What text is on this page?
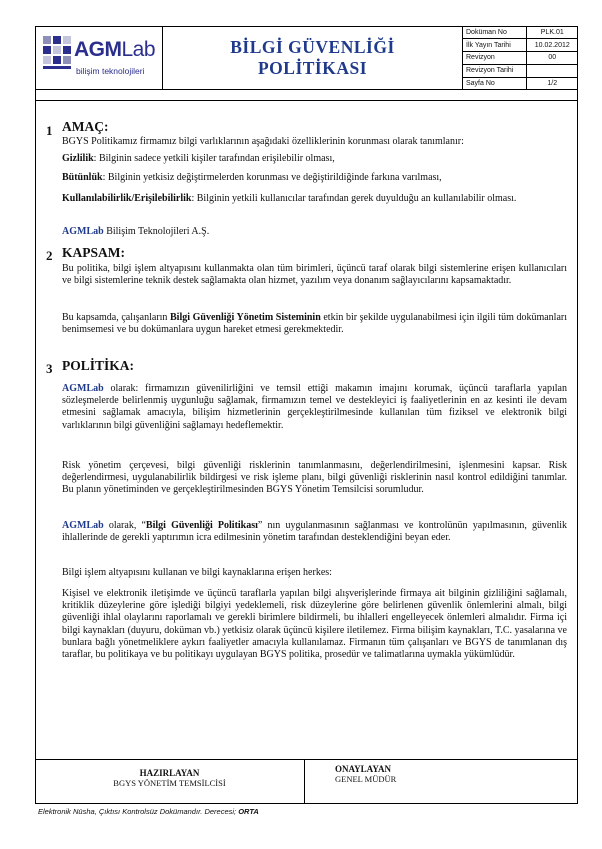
AGMLab
bilişim teknolojileri
BİLGİ GÜVENLİĞİ
POLİTİKASI
Doküman No	PLK.01
İlk Yayın Tarihi	10.02.2012
Revizyon	00
Revizyon Tarihi	
Sayfa No	1/2
1 AMAÇ:
BGYS Politikamız firmamız bilgi varlıklarının aşağıdaki özelliklerinin korunması olarak tanımlanır:
Gizlilik: Bilginin sadece yetkili kişiler tarafından erişilebilir olması,
Bütünlük: Bilginin yetkisiz değiştirmelerden korunması ve değiştirildiğinde farkına varılması,
Kullanılabilirlik/Erişilebilirlik: Bilginin yetkili kullanıcılar tarafından gerek duyulduğu an kullanılabilir olması.
AGMLab Bilişim Teknolojileri A.Ş.
2 KAPSAM:
Bu politika, bilgi işlem altyapısını kullanmakta olan tüm birimleri, üçüncü taraf olarak bilgi sistemlerine erişen kullanıcıları ve bilgi sistemlerine teknik destek sağlamakta olan hizmet, yazılım veya donanım sağlayıcılarını kapsamaktadır.
Bu kapsamda, çalışanların Bilgi Güvenliği Yönetim Sisteminin etkin bir şekilde uygulanabilmesi için ilgili tüm dokümanları benimsemesi ve bu dokümanlara uygun hareket etmesi gerekmektedir.
3 POLİTİKA:
AGMLab olarak: firmamızın güvenilirliğini ve temsil ettiği makamın imajını korumak, üçüncü taraflarla yapılan sözleşmelerde belirlenmiş uygunluğu sağlamak, firmamızın temel ve destekleyici iş faaliyetlerinin en az kesinti ile devam etmesini sağlamak amacıyla, bilişim hizmetlerinin gerçekleştirilmesinde kullanılan tüm fiziksel ve elektronik bilgi varlıklarının bilgi güvenliğini sağlamayı hedeflemektir.
Risk yönetim çerçevesi, bilgi güvenliği risklerinin tanımlanmasını, değerlendirilmesini, işlenmesini kapsar. Risk değerlendirmesi, uygulanabilirlik bildirgesi ve risk işleme planı, bilgi güvenliği risklerinin nasıl kontrol edildiğini tanımlar. Bu planın yönetiminden ve gerçekleştirilmesinden BGYS Yönetim Temsilcisi sorumludur.
AGMLab olarak, “Bilgi Güvenliği Politikası” nın uygulanmasının sağlanması ve kontrolünün yapılmasının, güvenlik ihlallerinde de gerekli yaptırımın icra edilmesinin yönetim tarafından desteklendiğini beyan eder.
Bilgi işlem altyapısını kullanan ve bilgi kaynaklarına erişen herkes:
Kişisel ve elektronik iletişimde ve üçüncü taraflarla yapılan bilgi alışverişlerinde firmaya ait bilginin gizliliğini sağlamalı, kritiklik düzeylerine göre işlediği bilgiyi yedeklemeli, risk düzeylerine göre belirlenen güvenlik önlemlerini almalı, bilgi güvenliği ihlal olaylarını raporlamalı ve gerekli birimlere bildirmeli, bu ihlalleri engelleyecek önlemleri almalıdır. Firma içi bilgi kaynakları (duyuru, doküman vb.) yetkisiz olarak üçüncü kişilere iletilemez. Firma bilişim kaynakları, T.C. yasalarına ve bunlara bağlı yönetmeliklere aykırı faaliyetler amacıyla kullanılamaz. Firmanın tüm çalışanları ve BGYS de tanımlanan dış taraflar, bu politikaya ve bu politikayı uygulayan BGYS politika, prosedür ve talimatlarına uymakla yükümlüdür.
HAZIRLAYAN
BGYS YÖNETİM TEMSİLCİSİ
ONAYLAYAN
GENEL MÜDÜR
Elektronik Nüsha, Çıktısı Kontrolsüz Dokümandır. Derecesi; ORTA
